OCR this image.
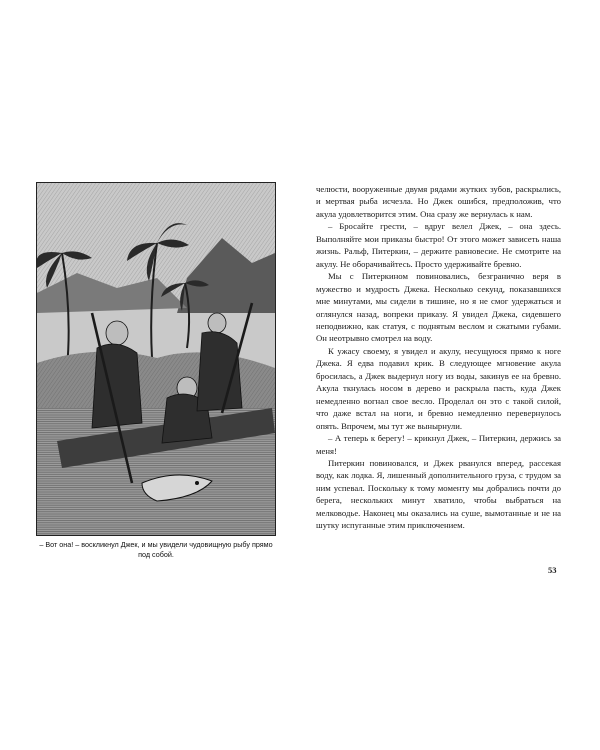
– Вот она! – воскликнул Джек, и мы увидели чудовищную рыбу прямо под собой.

челюсти, вооруженные двумя рядами жутких зубов, раскрылись, и мертвая рыба исчезла. Но Джек ошибся, предположив, что акула удовлетворится этим. Она сразу же вернулась к нам.

– Бросайте грести, – вдруг велел Джек, – она здесь. Выполняйте мои приказы быстро! От этого может зависеть наша жизнь. Ральф, Питеркин, – держите равновесие. Не смотрите на акулу. Не оборачивайтесь. Просто удерживайте бревно.

Мы с Питеркином повиновались, безгранично веря в мужество и мудрость Джека. Несколько секунд, показавшихся мне минутами, мы сидели в тишине, но я не смог удержаться и оглянулся назад, вопреки приказу. Я увидел Джека, сидевшего неподвижно, как статуя, с поднятым веслом и сжатыми губами. Он неотрывно смотрел на воду.

К ужасу своему, я увидел и акулу, несущуюся прямо к ноге Джека. Я едва подавил крик. В следующее мгновение акула бросилась, а Джек выдернул ногу из воды, закинув ее на бревно. Акула ткнулась носом в дерево и раскрыла пасть, куда Джек немедленно вогнал свое весло. Проделал он это с такой силой, что даже встал на ноги, и бревно немедленно перевернулось опять. Впрочем, мы тут же вынырнули.

– А теперь к берегу! – крикнул Джек, – Питеркин, держись за меня!

Питеркин повиновался, и Джек рванулся вперед, рассекая воду, как лодка. Я, лишенный дополнительного груза, с трудом за ним успевал. Поскольку к тому моменту мы добрались почти до берега, нескольких минут хватило, чтобы выбраться на мелководье. Наконец мы оказались на суше, вымотанные и не на шутку испуганные этим приключением.

53
